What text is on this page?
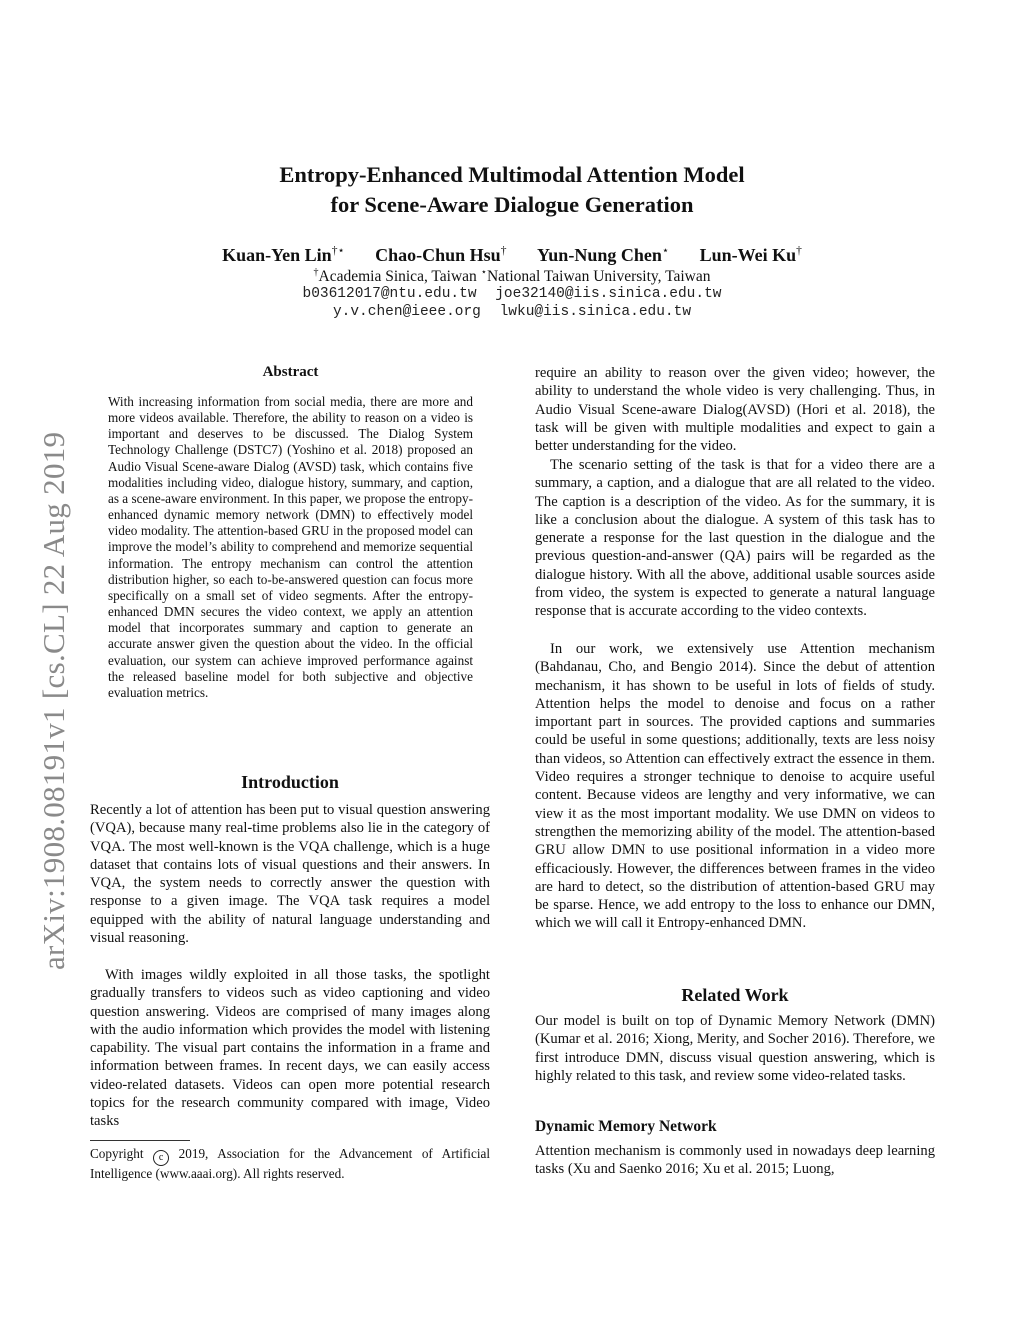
arXiv:1908.08191v1 [cs.CL] 22 Aug 2019
Entropy-Enhanced Multimodal Attention Model
for Scene-Aware Dialogue Generation
Kuan-Yen Lin†⋆ Chao-Chun Hsu† Yun-Nung Chen⋆ Lun-Wei Ku†
†Academia Sinica, Taiwan ⋆National Taiwan University, Taiwan
b03612017@ntu.edu.tw joe32140@iis.sinica.edu.tw
y.v.chen@ieee.org lwku@iis.sinica.edu.tw
Abstract
With increasing information from social media, there are more and more videos available. Therefore, the ability to reason on a video is important and deserves to be discussed. The Dialog System Technology Challenge (DSTC7) (Yoshino et al. 2018) proposed an Audio Visual Scene-aware Dialog (AVSD) task, which contains five modalities including video, dialogue history, summary, and caption, as a scene-aware environment. In this paper, we propose the entropy-enhanced dynamic memory network (DMN) to effectively model video modality. The attention-based GRU in the proposed model can improve the model’s ability to comprehend and memorize sequential information. The entropy mechanism can control the attention distribution higher, so each to-be-answered question can focus more specifically on a small set of video segments. After the entropy-enhanced DMN secures the video context, we apply an attention model that incorporates summary and caption to generate an accurate answer given the question about the video. In the official evaluation, our system can achieve improved performance against the released baseline model for both subjective and objective evaluation metrics.
Introduction
Recently a lot of attention has been put to visual question answering (VQA), because many real-time problems also lie in the category of VQA. The most well-known is the VQA challenge, which is a huge dataset that contains lots of visual questions and their answers. In VQA, the system needs to correctly answer the question with response to a given image. The VQA task requires a model equipped with the ability of natural language understanding and visual reasoning.
With images wildly exploited in all those tasks, the spotlight gradually transfers to videos such as video captioning and video question answering. Videos are comprised of many images along with the audio information which provides the model with listening capability. The visual part contains the information in a frame and information between frames. In recent days, we can easily access video-related datasets. Videos can open more potential research topics for the research community compared with image, Video tasks
Copyright c 2019, Association for the Advancement of Artificial Intelligence (www.aaai.org). All rights reserved.
require an ability to reason over the given video; however, the ability to understand the whole video is very challenging. Thus, in Audio Visual Scene-aware Dialog(AVSD) (Hori et al. 2018), the task will be given with multiple modalities and expect to gain a better understanding for the video.
The scenario setting of the task is that for a video there are a summary, a caption, and a dialogue that are all related to the video. The caption is a description of the video. As for the summary, it is like a conclusion about the dialogue. A system of this task has to generate a response for the last question in the dialogue and the previous question-and-answer (QA) pairs will be regarded as the dialogue history. With all the above, additional usable sources aside from video, the system is expected to generate a natural language response that is accurate according to the video contexts.
In our work, we extensively use Attention mechanism (Bahdanau, Cho, and Bengio 2014). Since the debut of attention mechanism, it has shown to be useful in lots of fields of study. Attention helps the model to denoise and focus on a rather important part in sources. The provided captions and summaries could be useful in some questions; additionally, texts are less noisy than videos, so Attention can effectively extract the essence in them. Video requires a stronger technique to denoise to acquire useful content. Because videos are lengthy and very informative, we can view it as the most important modality. We use DMN on videos to strengthen the memorizing ability of the model. The attention-based GRU allow DMN to use positional information in a video more efficaciously. However, the differences between frames in the video are hard to detect, so the distribution of attention-based GRU may be sparse. Hence, we add entropy to the loss to enhance our DMN, which we will call it Entropy-enhanced DMN.
Related Work
Our model is built on top of Dynamic Memory Network (DMN) (Kumar et al. 2016; Xiong, Merity, and Socher 2016). Therefore, we first introduce DMN, discuss visual question answering, which is highly related to this task, and review some video-related tasks.
Dynamic Memory Network
Attention mechanism is commonly used in nowadays deep learning tasks (Xu and Saenko 2016; Xu et al. 2015; Luong,
